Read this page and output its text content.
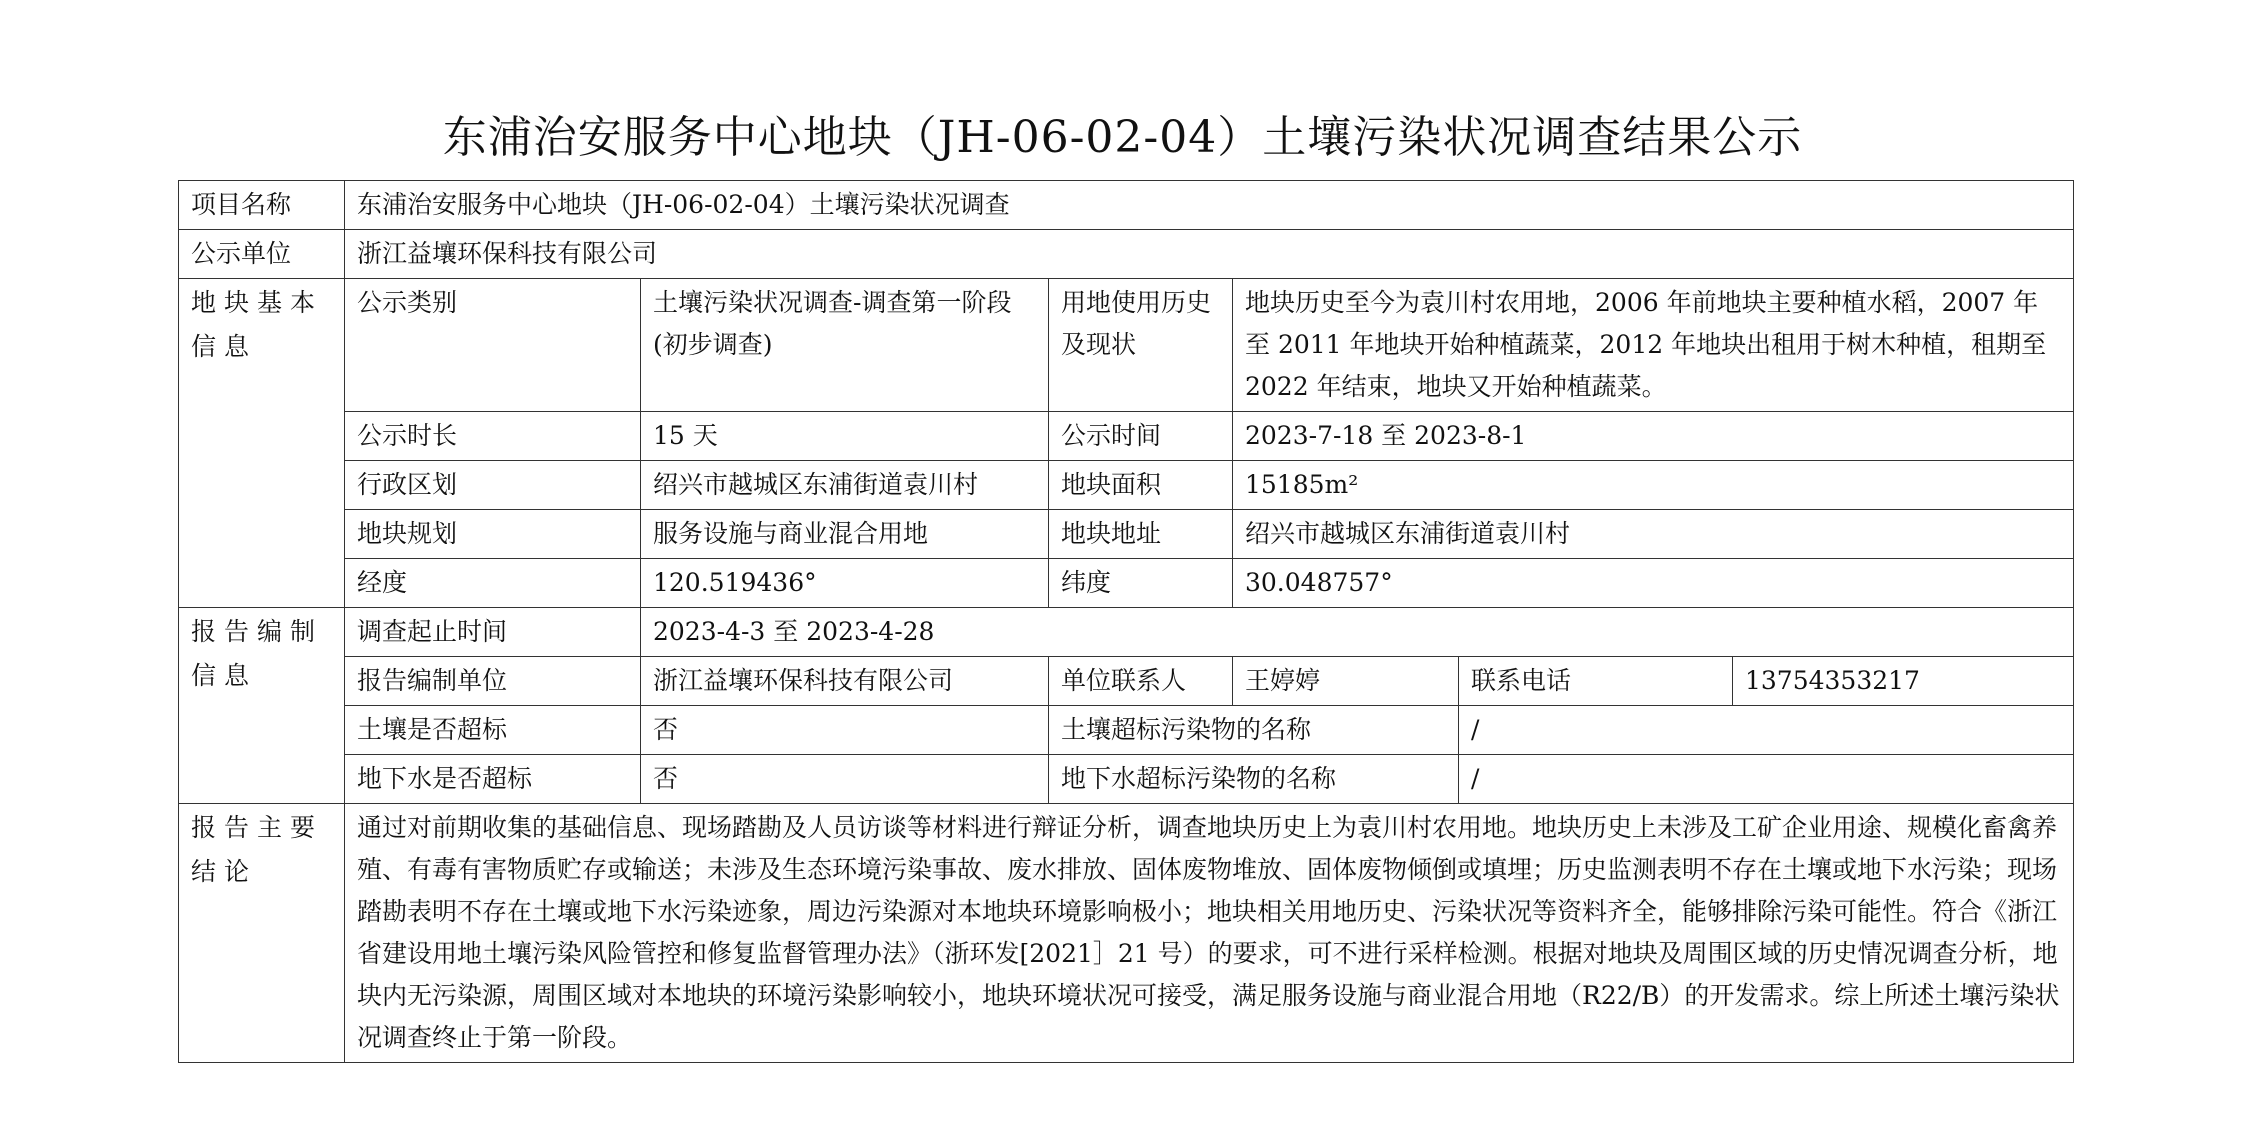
东浦治安服务中心地块（JH-06-02-04）土壤污染状况调查结果公示
项目名称	东浦治安服务中心地块（JH-06-02-04）土壤污染状况调查					
公示单位	浙江益壤环保科技有限公司					
地块基本信息	公示类别	土壤污染状况调查-调查第一阶段(初步调查)	用地使用历史及现状	地块历史至今为袁川村农用地，2006 年前地块主要种植水稻，2007 年至 2011 年地块开始种植蔬菜，2012 年地块出租用于树木种植，租期至 2022 年结束，地块又开始种植蔬菜。		
	公示时长	15 天	公示时间	2023-7-18 至 2023-8-1		
	行政区划	绍兴市越城区东浦街道袁川村	地块面积	15185m²		
	地块规划	服务设施与商业混合用地	地块地址	绍兴市越城区东浦街道袁川村		
	经度	120.519436°	纬度	30.048757°		
报告编制信息	调查起止时间	2023-4-3 至 2023-4-28				
	报告编制单位	浙江益壤环保科技有限公司	单位联系人	王婷婷	联系电话	13754353217
	土壤是否超标	否	土壤超标污染物的名称		/	
	地下水是否超标	否	地下水超标污染物的名称		/	
报告主要结论	通过对前期收集的基础信息、现场踏勘及人员访谈等材料进行辩证分析，调查地块历史上为袁川村农用地。地块历史上未涉及工矿企业用途、规模化畜禽养殖、有毒有害物质贮存或输送；未涉及生态环境污染事故、废水排放、固体废物堆放、固体废物倾倒或填埋；历史监测表明不存在土壤或地下水污染；现场踏勘表明不存在土壤或地下水污染迹象，周边污染源对本地块环境影响极小；地块相关用地历史、污染状况等资料齐全，能够排除污染可能性。符合《浙江省建设用地土壤污染风险管控和修复监督管理办法》（浙环发[2021］21 号）的要求，可不进行采样检测。根据对地块及周围区域的历史情况调查分析，地块内无污染源，周围区域对本地块的环境污染影响较小，地块环境状况可接受，满足服务设施与商业混合用地（R22/B）的开发需求。综上所述土壤污染状况调查终止于第一阶段。					
